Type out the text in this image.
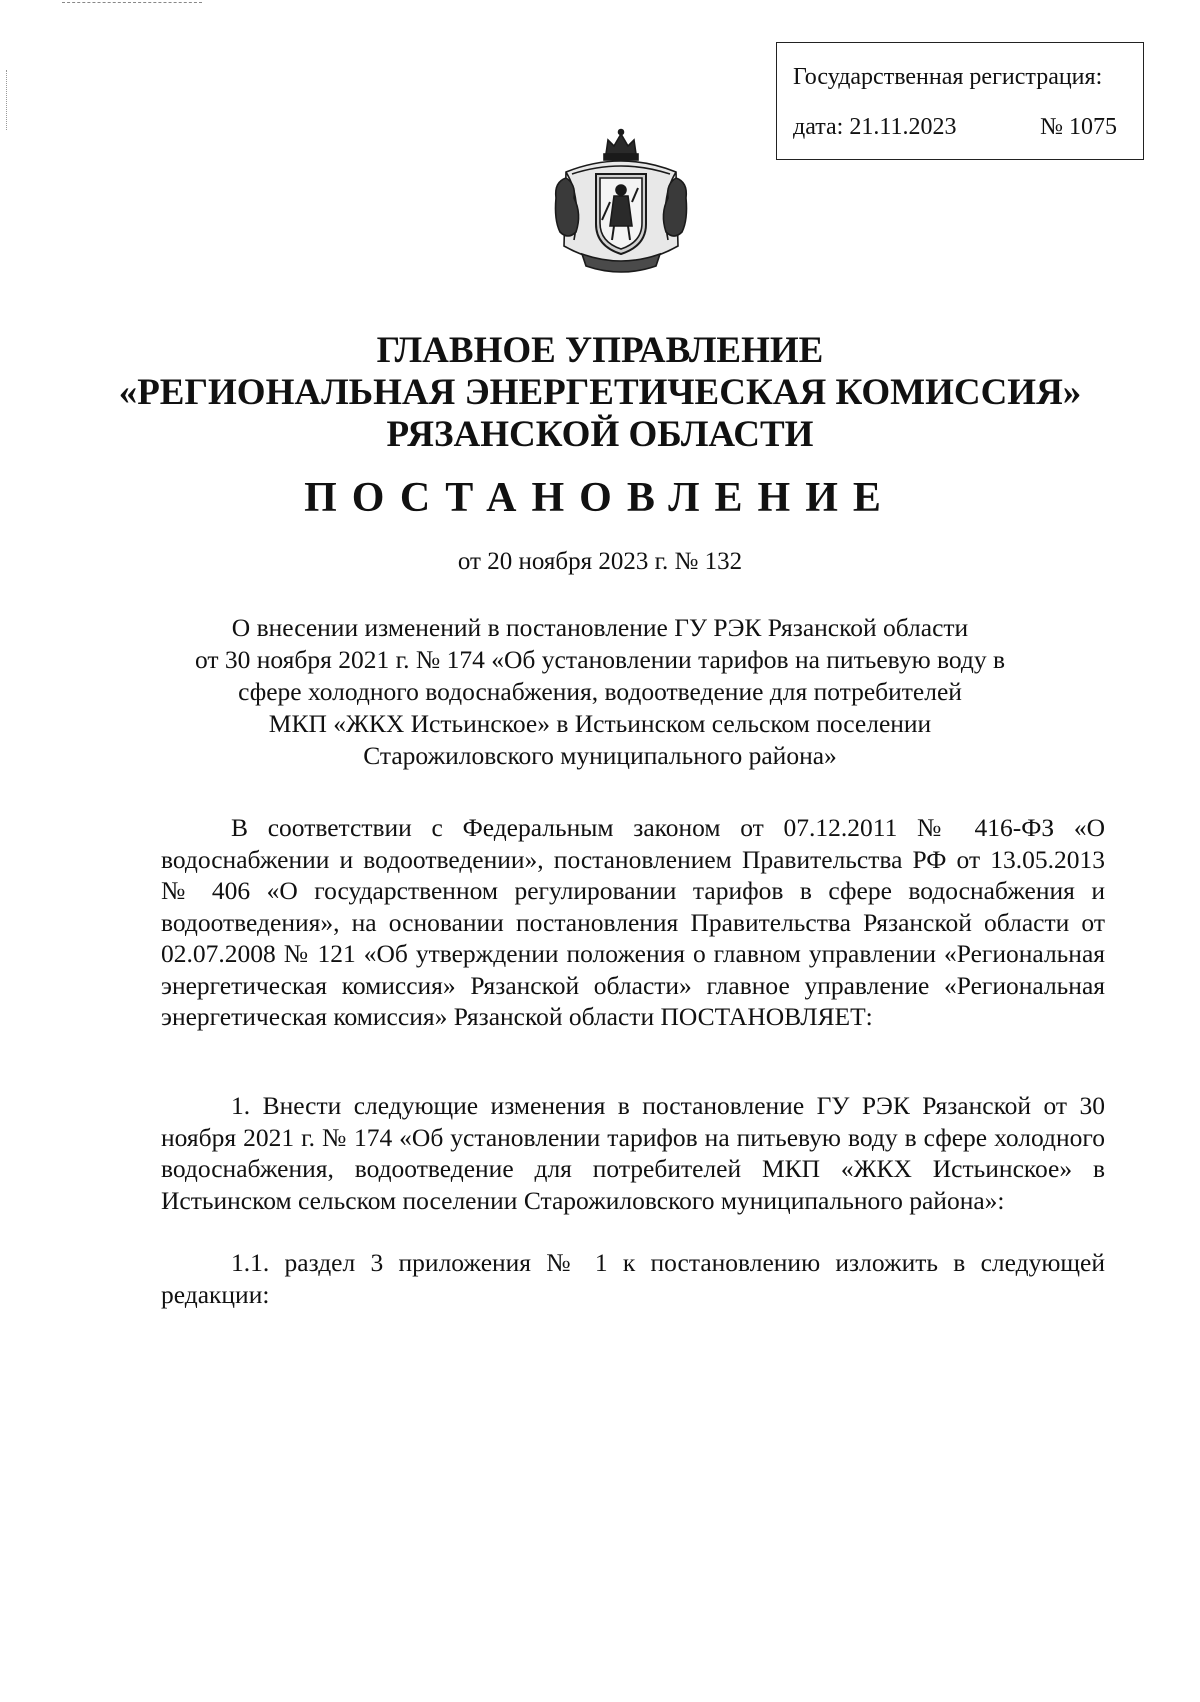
Государственная регистрация:
дата: 21.11.2023	№ 1075
ГЛАВНОЕ УПРАВЛЕНИЕ
«РЕГИОНАЛЬНАЯ ЭНЕРГЕТИЧЕСКАЯ КОМИССИЯ»
РЯЗАНСКОЙ ОБЛАСТИ
ПОСТАНОВЛЕНИЕ
от 20 ноября 2023 г. № 132
О внесении изменений в постановление ГУ РЭК Рязанской области
от 30 ноября 2021 г. № 174 «Об установлении тарифов на питьевую воду в
сфере холодного водоснабжения, водоотведение для потребителей
МКП «ЖКХ Истьинское» в Истьинском сельском поселении
Старожиловского муниципального района»

В соответствии с Федеральным законом от 07.12.2011 № 416-ФЗ «О водоснабжении и водоотведении», постановлением Правительства РФ от 13.05.2013 № 406 «О государственном регулировании тарифов в сфере водоснабжения и водоотведения», на основании постановления Правительства Рязанской области от 02.07.2008 № 121 «Об утверждении положения о главном управлении «Региональная энергетическая комиссия» Рязанской области» главное управление «Региональная энергетическая комиссия» Рязанской области ПОСТАНОВЛЯЕТ:

1. Внести следующие изменения в постановление ГУ РЭК Рязанской от 30 ноября 2021 г. № 174 «Об установлении тарифов на питьевую воду в сфере холодного водоснабжения, водоотведение для потребителей МКП «ЖКХ Истьинское» в Истьинском сельском поселении Старожиловского муниципального района»:

1.1. раздел 3 приложения № 1 к постановлению изложить в следующей редакции:
